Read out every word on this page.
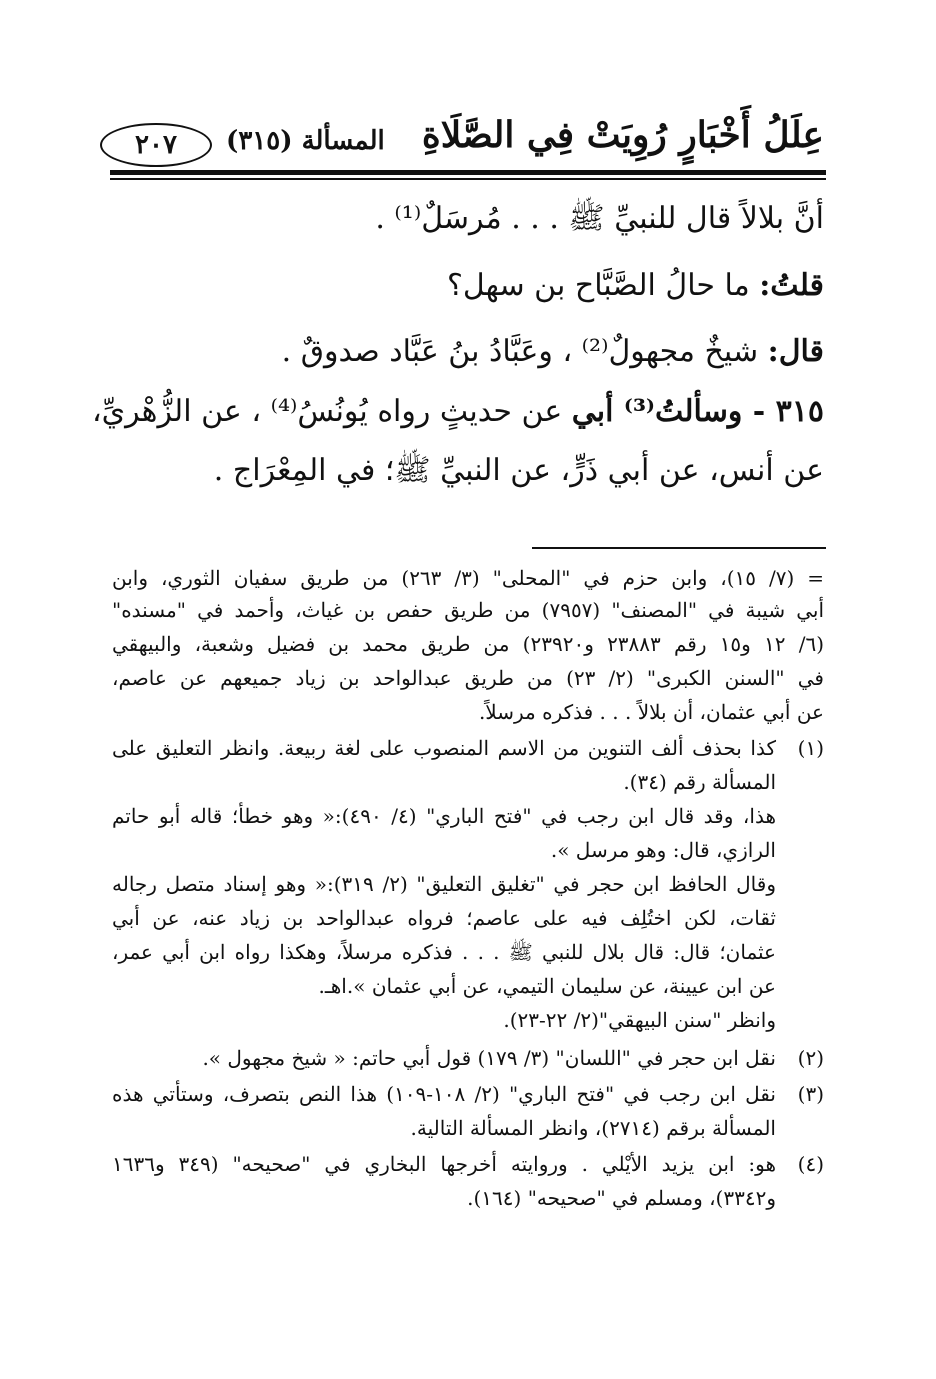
عِلَلُ أَخْبَارٍ رُوِيَتْ فِي الصَّلَاةِ
المسألة (٣١٥)
٢٠٧
أنَّ بلالاً قال للنبيِّ ﷺ . . . مُرسَلٌ⁽¹⁾ .
قلتُ: ما حالُ الصَّبَّاح بن سهل؟
قال: شيخٌ مجهولٌ⁽²⁾ ، وعَبَّادُ بنُ عَبَّاد صدوقٌ .
٣١٥ - وسألتُ⁽³⁾ أبي عن حديثٍ رواه يُونُسُ⁽⁴⁾ ، عن الزُّهْريِّ،
عن أنس، عن أبي ذَرٍّ، عن النبيِّ ﷺ؛ في المِعْرَاج .
= (٧/ ١٥)، وابن حزم في "المحلى" (٣/ ٢٦٣) من طريق سفيان الثوري، وابن
أبي شيبة في "المصنف" (٧٩٥٧) من طريق حفص بن غياث، وأحمد في "مسنده"
(٦/ ١٢ و١٥ رقم ٢٣٨٨٣ و٢٣٩٢٠) من طريق محمد بن فضيل وشعبة، والبيهقي
في "السنن الكبرى" (٢/ ٢٣) من طريق عبدالواحد بن زياد جميعهم عن عاصم،
عن أبي عثمان، أن بلالاً . . . فذكره مرسلاً.
(١)
كذا بحذف ألف التنوين من الاسم المنصوب على لغة ربيعة. وانظر التعليق على
المسألة رقم (٣٤).
هذا، وقد قال ابن رجب في "فتح الباري" (٤/ ٤٩٠):« وهو خطأ؛ قاله أبو حاتم
الرازي، قال: وهو مرسل ».
وقال الحافظ ابن حجر في "تغليق التعليق" (٢/ ٣١٩):« وهو إسناد متصل رجاله
ثقات، لكن اختُلِف فيه على عاصم؛ فرواه عبدالواحد بن زياد عنه، عن أبي
عثمان؛ قال: قال بلال للنبي ﷺ . . . فذكره مرسلاً، وهكذا رواه ابن أبي عمر،
عن ابن عيينة، عن سليمان التيمي، عن أبي عثمان ».اهـ.
وانظر "سنن البيهقي"(٢/ ٢٢-٢٣).
(٢)
نقل ابن حجر في "اللسان" (٣/ ١٧٩) قول أبي حاتم: « شيخ مجهول ».
(٣)
نقل ابن رجب في "فتح الباري" (٢/ ١٠٨-١٠٩) هذا النص بتصرف، وستأتي هذه
المسألة برقم (٢٧١٤)، وانظر المسألة التالية.
(٤)
هو: ابن يزيد الأيْلي . وروايته أخرجها البخاري في "صحيحه" (٣٤٩ و١٦٣٦
و٣٣٤٢)، ومسلم في "صحيحه" (١٦٤).
